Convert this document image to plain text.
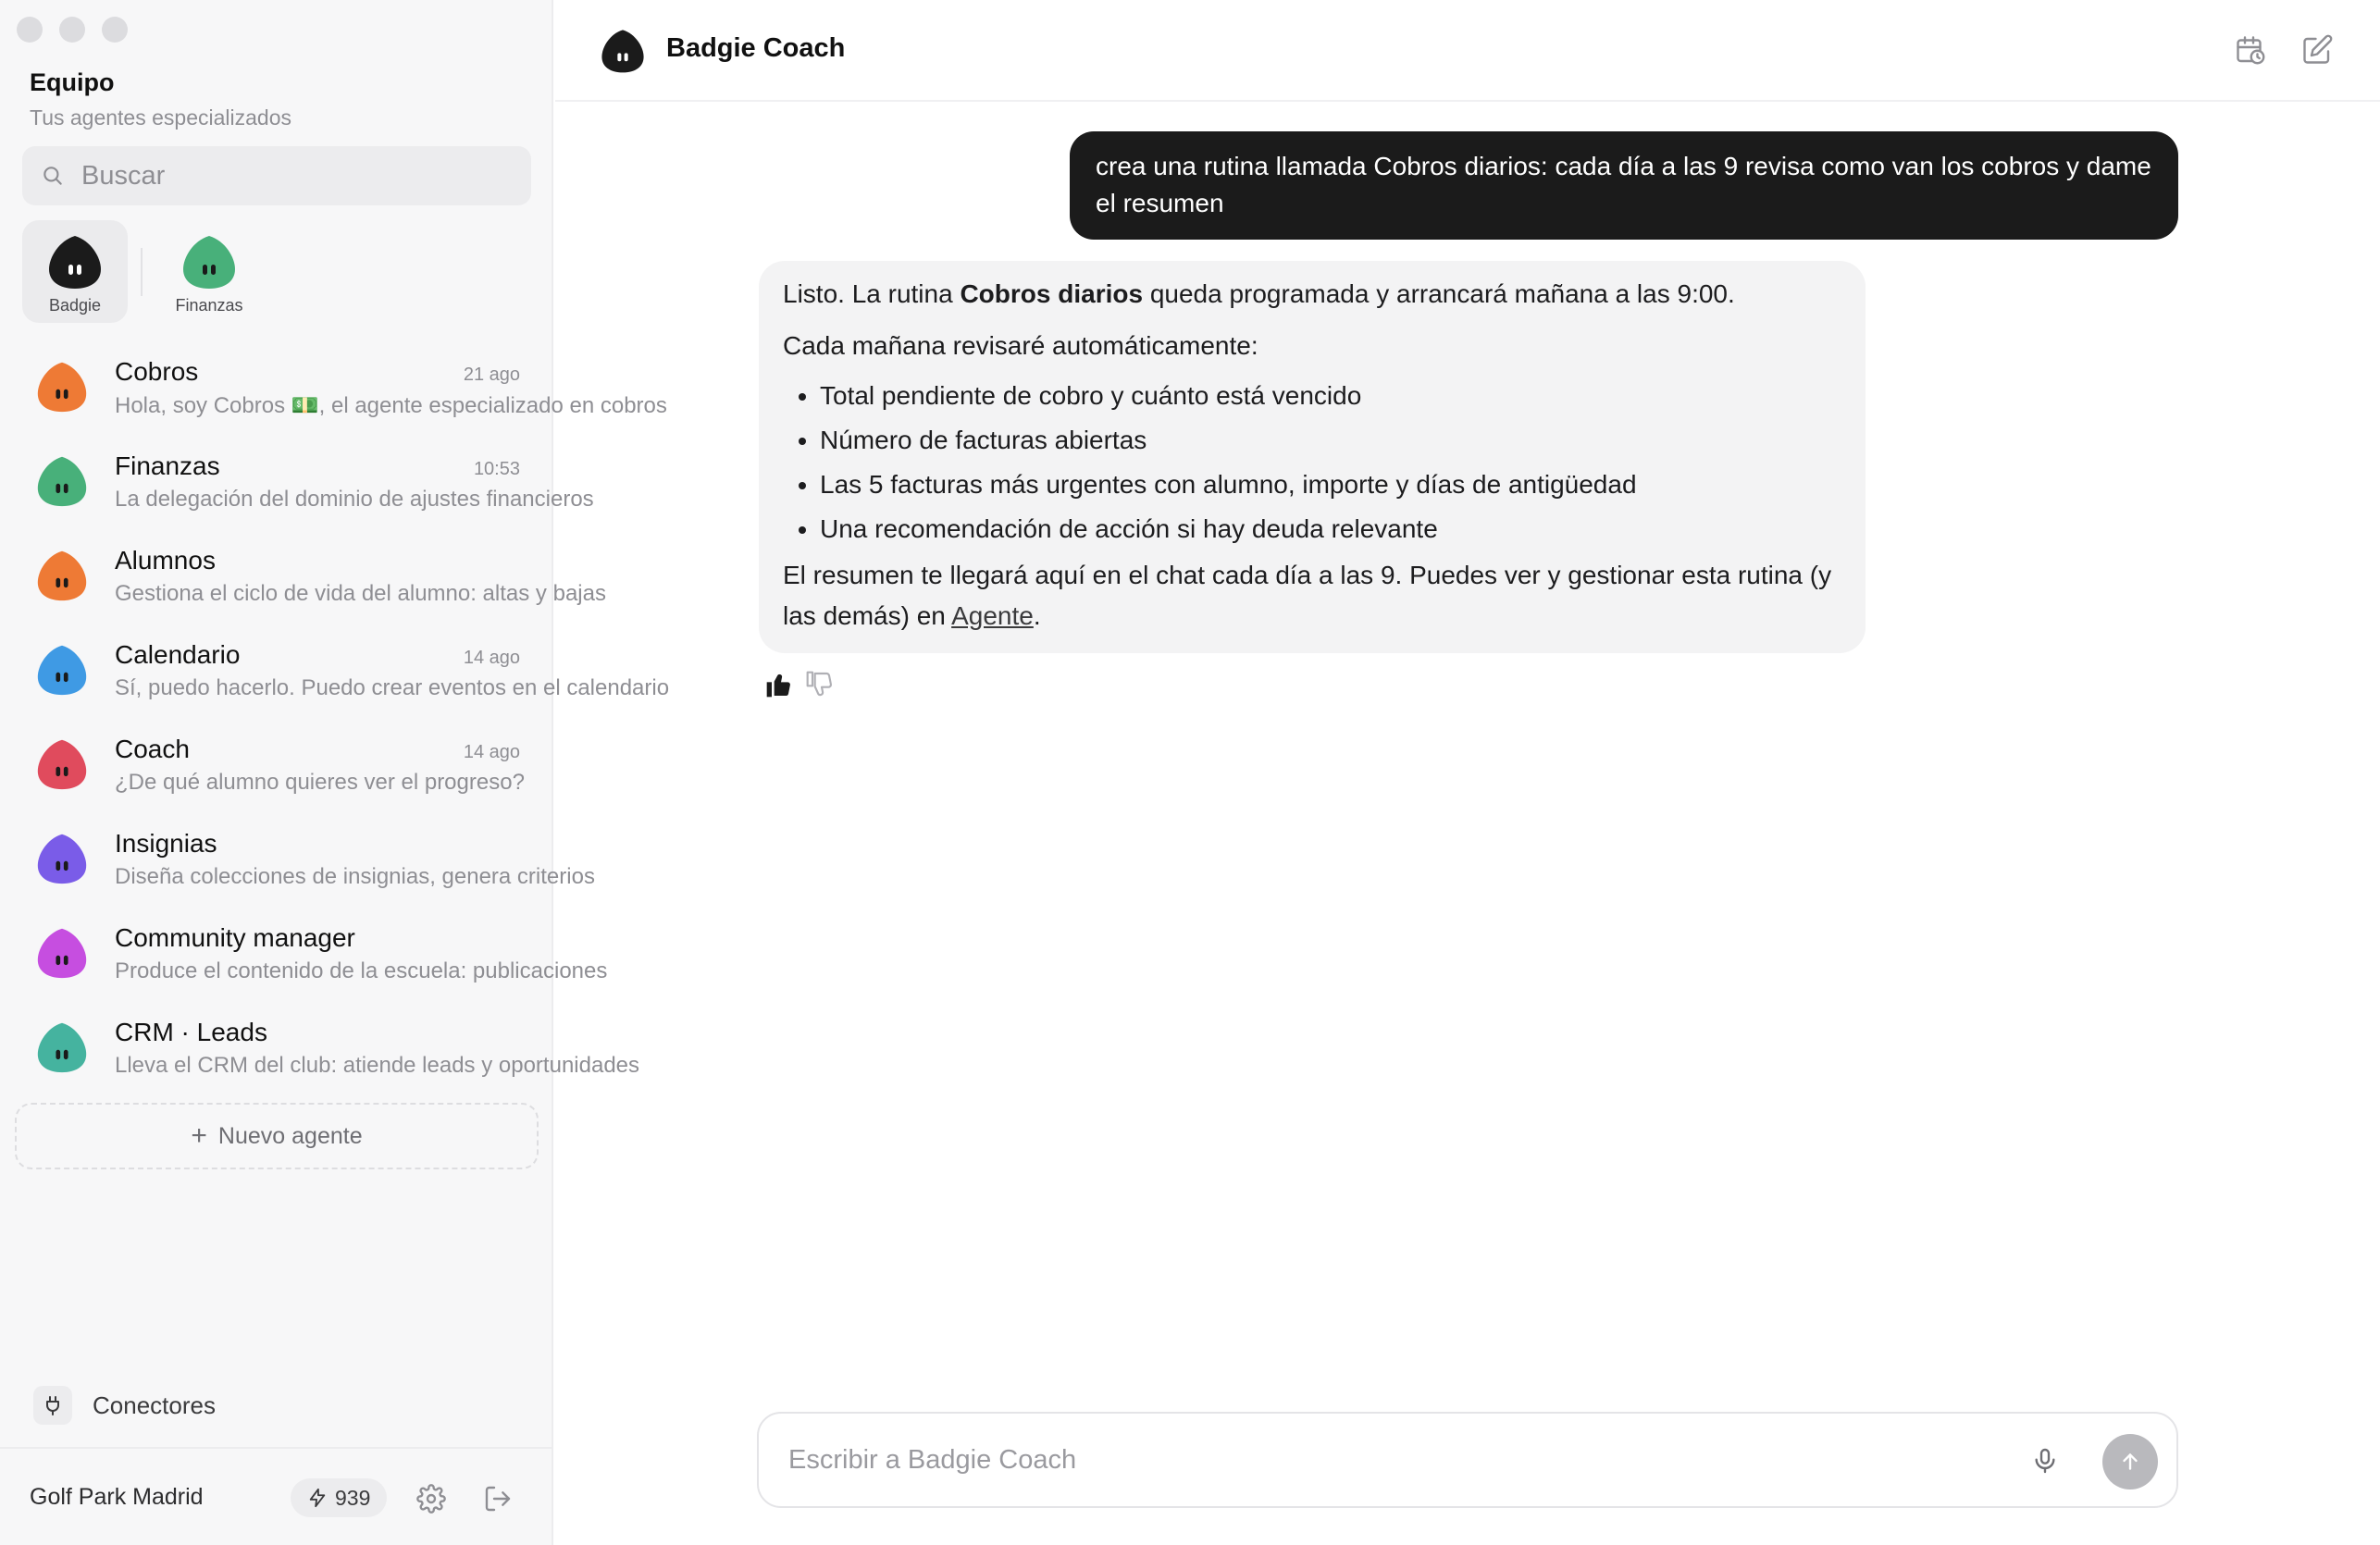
Equipo
Tus agentes especializados
Buscar
Badgie	Finanzas
Cobros	21 ago
Hola, soy Cobros 💵, el agente especializado en cobros
Finanzas	10:53
La delegación del dominio de ajustes financieros
Alumnos
Gestiona el ciclo de vida del alumno: altas y bajas
Calendario	14 ago
Sí, puedo hacerlo. Puedo crear eventos en el calendario
Coach	14 ago
¿De qué alumno quieres ver el progreso?
Insignias
Diseña colecciones de insignias, genera criterios
Community manager
Produce el contenido de la escuela: publicaciones
CRM · Leads
Lleva el CRM del club: atiende leads y oportunidades
+ Nuevo agente
Conectores
Golf Park Madrid	939
Badgie Coach
crea una rutina llamada Cobros diarios: cada día a las 9 revisa como van los cobros y dame el resumen

Listo. La rutina Cobros diarios queda programada y arrancará mañana a las 9:00.

Cada mañana revisaré automáticamente:

• Total pendiente de cobro y cuánto está vencido
• Número de facturas abiertas
• Las 5 facturas más urgentes con alumno, importe y días de antigüedad
• Una recomendación de acción si hay deuda relevante

El resumen te llegará aquí en el chat cada día a las 9. Puedes ver y gestionar esta rutina (y las demás) en Agente.

Escribir a Badgie Coach
